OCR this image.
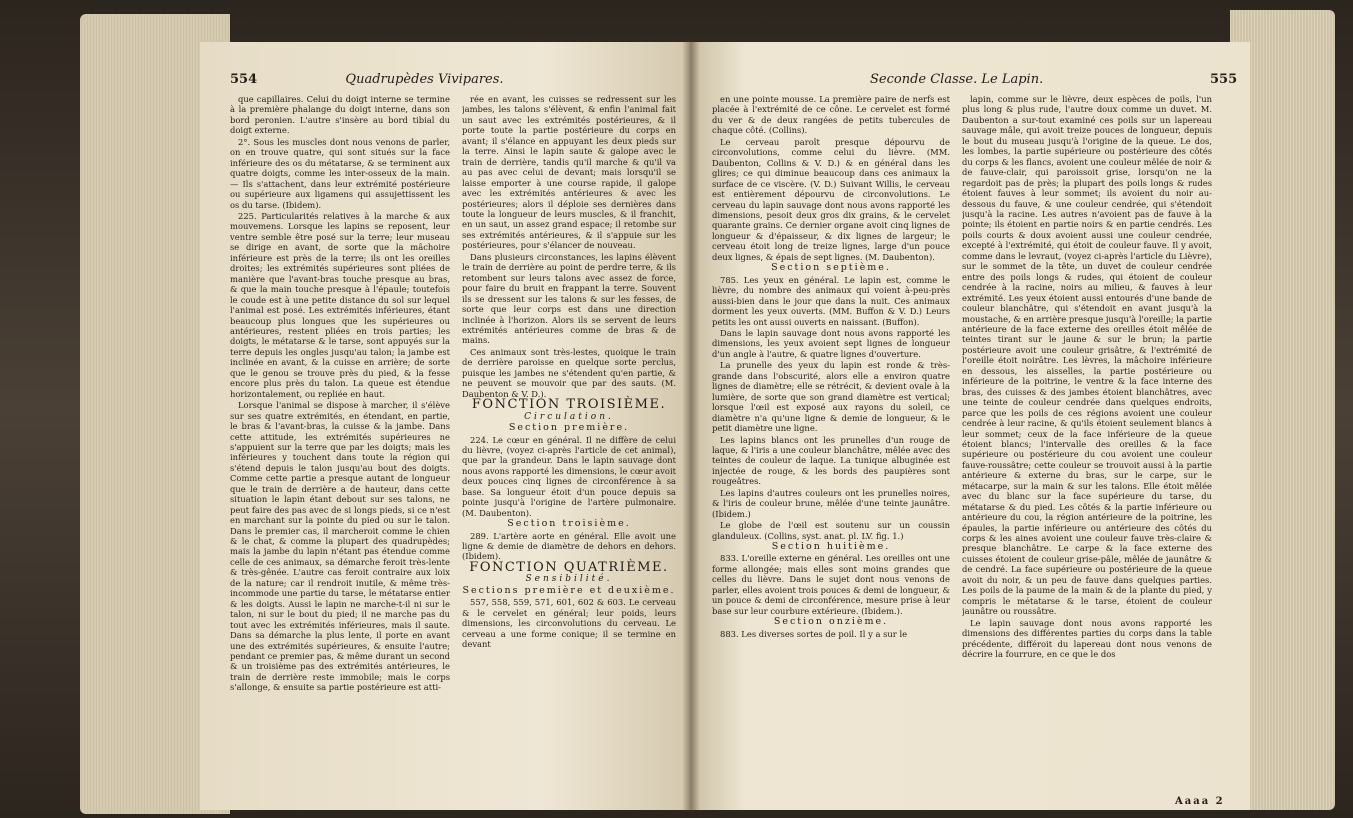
554	Quadrupèdes Vivipares.

que capillaires. Celui du doigt interne se termine à la première phalange du doigt interne, dans son bord peronien. L'autre s'insère au bord tibial du doigt externe.

2°. Sous les muscles dont nous venons de parler, on en trouve quatre, qui sont situés sur la face inférieure des os du métatarse, & se terminent aux quatre doigts, comme les inter-osseux de la main. — Ils s'attachent, dans leur extrémité postérieure ou supérieure aux ligamens qui assujettissent les os du tarse. (Ibidem).

225. Particularités relatives à la marche & aux mouvemens. Lorsque les lapins se reposent, leur ventre semble être posé sur la terre; leur museau se dirige en avant, de sorte que la mâchoire inférieure est près de la terre; ils ont les oreilles droites; les extrémités supérieures sont pliées de manière que l'avant-bras touche presque au bras, & que la main touche presque à l'épaule; toutefois le coude est à une petite distance du sol sur lequel l'animal est posé. Les extrémités inférieures, étant beaucoup plus longues que les supérieures ou antérieures, restent pliées en trois parties; les doigts, le métatarse & le tarse, sont appuyés sur la terre depuis les ongles jusqu'au talon; la jambe est inclinée en avant, & la cuisse en arrière; de sorte que le genou se trouve près du pied, & la fesse encore plus près du talon. La queue est étendue horizontalement, ou repliée en haut.

Lorsque l'animal se dispose à marcher, il s'élève sur ses quatre extrémités, en étendant, en partie, le bras & l'avant-bras, la cuisse & la jambe. Dans cette attitude, les extrémités supérieures ne s'appuient sur la terre que par les doigts; mais les inférieures y touchent dans toute la région qui s'étend depuis le talon jusqu'au bout des doigts. Comme cette partie a presque autant de longueur que le train de derrière a de hauteur, dans cette situation le lapin étant debout sur ses talons, ne peut faire des pas avec de si longs pieds, si ce n'est en marchant sur la pointe du pied ou sur le talon. Dans le premier cas, il marcheroit comme le chien & le chat, & comme la plupart des quadrupèdes; mais la jambe du lapin n'étant pas étendue comme celle de ces animaux, sa démarche feroit très-lente & très-gênée. L'autre cas feroit contraire aux loix de la nature; car il rendroit inutile, & même très-incommode une partie du tarse, le métatarse entier & les doigts. Aussi le lapin ne marche-t-il ni sur le talon, ni sur le bout du pied; il ne marche pas du tout avec les extrémités inférieures, mais il saute. Dans sa démarche la plus lente, il porte en avant une des extrémités supérieures, & ensuite l'autre; pendant ce premier pas, & même durant un second & un troisième pas des extrémités antérieures, le train de derrière reste immobile; mais le corps s'allonge, & ensuite sa partie postérieure est atti-

rée en avant, les cuisses se redressent sur les jambes, les talons s'élèvent, & enfin l'animal fait un saut avec les extrémités postérieures, & il porte toute la partie postérieure du corps en avant; il s'élance en appuyant les deux pieds sur la terre. Ainsi le lapin saute & galope avec le train de derrière, tandis qu'il marche & qu'il va au pas avec celui de devant; mais lorsqu'il se laisse emporter à une course rapide, il galope avec les extrémités antérieures & avec les postérieures; alors il déploie ses dernières dans toute la longueur de leurs muscles, & il franchit, en un saut, un assez grand espace; il retombe sur ses extrémités antérieures, & il s'appuie sur les postérieures, pour s'élancer de nouveau.

Dans plusieurs circonstances, les lapins élèvent le train de derrière au point de perdre terre, & ils retombent sur leurs talons avec assez de force, pour faire du bruit en frappant la terre. Souvent ils se dressent sur les talons & sur les fesses, de sorte que leur corps est dans une direction inclinée à l'horizon. Alors ils se servent de leurs extrémités antérieures comme de bras & de mains.

Ces animaux sont très-lestes, quoique le train de derrière paroisse en quelque sorte perclus, puisque les jambes ne s'étendent qu'en partie, & ne peuvent se mouvoir que par des sauts. (M. Daubenton & V. D.).

FONCTION TROISIÈME.

Circulation.

Section première.

224. Le cœur en général. Il ne diffère de celui du lièvre, (voyez ci-après l'article de cet animal), que par la grandeur. Dans le lapin sauvage dont nous avons rapporté les dimensions, le cœur avoit deux pouces cinq lignes de circonférence à sa base. Sa longueur étoit d'un pouce depuis sa pointe jusqu'à l'origine de l'artère pulmonaire. (M. Daubenton).

Section troisième.

289. L'artère aorte en général. Elle avoit une ligne & demie de diamètre de dehors en dehors. (Ibidem).

FONCTION QUATRIÈME.

Sensibilité.

Sections première et deuxième.

557, 558, 559, 571, 601, 602 & 603. Le cerveau & le cervelet en général; leur poids, leurs dimensions, les circonvolutions du cerveau. Le cerveau a une forme conique; il se termine en devant

Seconde Classe. Le Lapin.	555

en une pointe mousse. La première paire de nerfs est placée à l'extrémité de ce cône. Le cervelet est formé du ver & de deux rangées de petits tubercules de chaque côté. (Collins).

Le cerveau paroît presque dépourvu de circonvolutions, comme celui du lièvre. (MM. Daubenton, Collins & V. D.) & en général dans les glires; ce qui diminue beaucoup dans ces animaux la surface de ce viscère. (V. D.) Suivant Willis, le cerveau est entièrement dépourvu de circonvolutions. Le cerveau du lapin sauvage dont nous avons rapporté les dimensions, pesoit deux gros dix grains, & le cervelet quarante grains. Ce dernier organe avoit cinq lignes de longueur & d'épaisseur, & dix lignes de largeur; le cerveau étoit long de treize lignes, large d'un pouce deux lignes, & épais de sept lignes. (M. Daubenton).

Section septième.

785. Les yeux en général. Le lapin est, comme le lièvre, du nombre des animaux qui voient à-peu-près aussi-bien dans le jour que dans la nuit. Ces animaux dorment les yeux ouverts. (MM. Buffon & V. D.) Leurs petits les ont aussi ouverts en naissant. (Buffon).

Dans le lapin sauvage dont nous avons rapporté les dimensions, les yeux avoient sept lignes de longueur d'un angle à l'autre, & quatre lignes d'ouverture.

La prunelle des yeux du lapin est ronde & très-grande dans l'obscurité, alors elle a environ quatre lignes de diamètre; elle se rétrécit, & devient ovale à la lumière, de sorte que son grand diamètre est vertical; lorsque l'œil est exposé aux rayons du soleil, ce diamètre n'a qu'une ligne & demie de longueur, & le petit diamètre une ligne.

Les lapins blancs ont les prunelles d'un rouge de laque, & l'iris a une couleur blanchâtre, mêlée avec des teintes de couleur de laque. La tunique albuginée est injectée de rouge, & les bords des paupières sont rougeâtres.

Les lapins d'autres couleurs ont les prunelles noires, & l'iris de couleur brune, mêlée d'une teinte jaunâtre. (Ibidem.)

Le globe de l'œil est soutenu sur un coussin glanduleux. (Collins, syst. anat. pl. LV. fig. 1.)

Section huitième.

833. L'oreille externe en général. Les oreilles ont une forme allongée; mais elles sont moins grandes que celles du lièvre. Dans le sujet dont nous venons de parler, elles avoient trois pouces & demi de longueur, & un pouce & demi de circonférence, mesure prise à leur base sur leur courbure extérieure. (Ibidem.).

Section onzième.

883. Les diverses sortes de poil. Il y a sur le

lapin, comme sur le lièvre, deux espèces de poils, l'un plus long & plus rude, l'autre doux comme un duvet. M. Daubenton a sur-tout examiné ces poils sur un lapereau sauvage mâle, qui avoit treize pouces de longueur, depuis le bout du museau jusqu'à l'origine de la queue. Le dos, les lombes, la partie supérieure ou postérieure des côtés du corps & les flancs, avoient une couleur mêlée de noir & de fauve-clair, qui paroissoit grise, lorsqu'on ne la regardoit pas de près; la plupart des poils longs & rudes étoient fauves à leur sommet; ils avoient du noir au-dessous du fauve, & une couleur cendrée, qui s'étendoit jusqu'à la racine. Les autres n'avoient pas de fauve à la pointe; ils étoient en partie noirs & en partie cendrés. Les poils courts & doux avoient aussi une couleur cendrée, excepté à l'extrémité, qui étoit de couleur fauve. Il y avoit, comme dans le levraut, (voyez ci-après l'article du Lièvre), sur le sommet de la tête, un duvet de couleur cendrée entre des poils longs & rudes, qui étoient de couleur cendrée à la racine, noirs au milieu, & fauves à leur extrémité. Les yeux étoient aussi entourés d'une bande de couleur blanchâtre, qui s'étendoit en avant jusqu'à la moustache, & en arrière presque jusqu'à l'oreille; la partie antérieure de la face externe des oreilles étoit mêlée de teintes tirant sur le jaune & sur le brun; la partie postérieure avoit une couleur grisâtre, & l'extrémité de l'oreille étoit noirâtre. Les lèvres, la mâchoire inférieure en dessous, les aisselles, la partie postérieure ou inférieure de la poitrine, le ventre & la face interne des bras, des cuisses & des jambes étoient blanchâtres, avec une teinte de couleur cendrée dans quelques endroits, parce que les poils de ces régions avoient une couleur cendrée à leur racine, & qu'ils étoient seulement blancs à leur sommet; ceux de la face inférieure de la queue étoient blancs; l'intervalle des oreilles & la face supérieure ou postérieure du cou avoient une couleur fauve-roussâtre; cette couleur se trouvoit aussi à la partie antérieure & externe du bras, sur le carpe, sur le métacarpe, sur la main & sur les talons. Elle étoit mêlée avec du blanc sur la face supérieure du tarse, du métatarse & du pied. Les côtés & la partie inférieure ou antérieure du cou, la région antérieure de la poitrine, les épaules, la partie inférieure ou antérieure des côtés du corps & les aines avoient une couleur fauve très-claire & presque blanchâtre. Le carpe & la face externe des cuisses étoient de couleur grise-pâle, mêlée de jaunâtre & de cendré. La face supérieure ou postérieure de la queue avoit du noir, & un peu de fauve dans quelques parties. Les poils de la paume de la main & de la plante du pied, y compris le métatarse & le tarse, étoient de couleur jaunâtre ou roussâtre.

Le lapin sauvage dont nous avons rapporté les dimensions des différentes parties du corps dans la table précédente, différoit du lapereau dont nous venons de décrire la fourrure, en ce que le dos

Aaaa 2
